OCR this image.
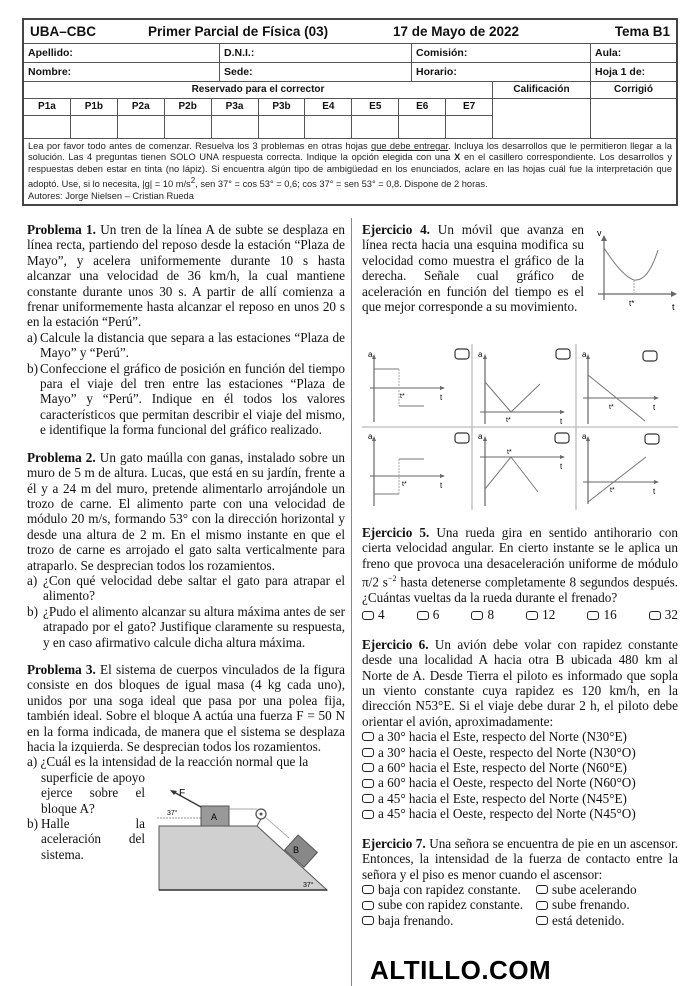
UBA–CBC	Primer Parcial de Física (03)	17 de Mayo de 2022	Tema B1
Apellido:	D.N.I.:	Comisión:	Aula:
Nombre:	Sede:	Horario:	Hoja 1 de:
Reservado para el corrector	Calificación	Corrigió
P1a	P1b	P2a	P2b	P3a	P3b	E4	E5	E6	E7
Lea por favor todo antes de comenzar. Resuelva los 3 problemas en otras hojas que debe entregar. Incluya los desarrollos que le permitieron llegar a la solución. Las 4 preguntas tienen SOLO UNA respuesta correcta. Indique la opción elegida con una X en el casillero correspondiente. Los desarrollos y respuestas deben estar en tinta (no lápiz). Si encuentra algún tipo de ambigüedad en los enunciados, aclare en las hojas cuál fue la interpretación que adoptó. Use, si lo necesita, |g| = 10 $m/s^2$, sen 37° = cos 53° = 0,6; cos 37° = sen 53° = 0,8. Dispone de 2 horas.
Autores: Jorge Nielsen – Cristian Rueda
Problema 1. Un tren de la línea A de subte se desplaza en línea recta, partiendo del reposo desde la estación “Plaza de Mayo”, y acelera uniformemente durante 10 s hasta alcanzar una velocidad de 36 km/h, la cual mantiene constante durante unos 30 s. A partir de allí comienza a frenar uniformemente hasta alcanzar el reposo en unos 20 s en la estación “Perú”.
a) Calcule la distancia que separa a las estaciones “Plaza de Mayo” y “Perú”.
b) Confeccione el gráfico de posición en función del tiempo para el viaje del tren entre las estaciones “Plaza de Mayo” y “Perú”. Indique en él todos los valores característicos que permitan describir el viaje del mismo, e identifique la forma funcional del gráfico realizado.
Problema 2. Un gato maúlla con ganas, instalado sobre un muro de 5 m de altura. Lucas, que está en su jardín, frente a él y a 24 m del muro, pretende alimentarlo arrojándole un trozo de carne. El alimento parte con una velocidad de módulo 20 m/s, formando 53° con la dirección horizontal y desde una altura de 2 m. En el mismo instante en que el trozo de carne es arrojado el gato salta verticalmente para atraparlo. Se desprecian todos los rozamientos.
a) ¿Con qué velocidad debe saltar el gato para atrapar el alimento?
b) ¿Pudo el alimento alcanzar su altura máxima antes de ser atrapado por el gato? Justifique claramente su respuesta, y en caso afirmativo calcule dicha altura máxima.
Problema 3. El sistema de cuerpos vinculados de la figura consiste en dos bloques de igual masa (4 kg cada uno), unidos por una soga ideal que pasa por una polea fija, también ideal. Sobre el bloque A actúa una fuerza F = 50 N en la forma indicada, de manera que el sistema se desplaza hacia la izquierda. Se desprecian todos los rozamientos.
a) ¿Cuál es la intensidad de la reacción normal que la
superficie de apoyo ejerce sobre el bloque A?
b) Halle la aceleración del sistema.
A
B
F
37°
37°
Ejercicio 4. Un móvil que avanza en línea recta hacia una esquina modifica su velocidad como muestra el gráfico de la derecha. Señale cual gráfico de aceleración en función del tiempo es el que mejor corresponde a su movimiento.
v
t*	t
a
t*	t
a
t*	t
a
t*	t
a
t*	t
a
t*
t
a
t*	t
Ejercicio 5. Una rueda gira en sentido antihorario con cierta velocidad angular. En cierto instante se le aplica un freno que provoca una desaceleración uniforme de módulo π/2 $s^{-2}$ hasta detenerse completamente 8 segundos después. ¿Cuántas vueltas da la rueda durante el frenado?
4	6	8	12	16	32
Ejercicio 6. Un avión debe volar con rapidez constante desde una localidad A hacia otra B ubicada 480 km al Norte de A. Desde Tierra el piloto es informado que sopla un viento constante cuya rapidez es 120 km/h, en la dirección N53°E. Si el viaje debe durar 2 h, el piloto debe orientar el avión, aproximadamente:
a 30° hacia el Este, respecto del Norte (N30°E)
a 30° hacia el Oeste, respecto del Norte (N30°O)
a 60° hacia el Este, respecto del Norte (N60°E)
a 60° hacia el Oeste, respecto del Norte (N60°O)
a 45° hacia el Este, respecto del Norte (N45°E)
a 45° hacia el Oeste, respecto del Norte (N45°O)
Ejercicio 7. Una señora se encuentra de pie en un ascensor. Entonces, la intensidad de la fuerza de contacto entre la señora y el piso es menor cuando el ascensor:
baja con rapidez constante. sube acelerando
sube con rapidez constante. sube frenando.
baja frenando.	está detenido.
ALTILLO.COM
